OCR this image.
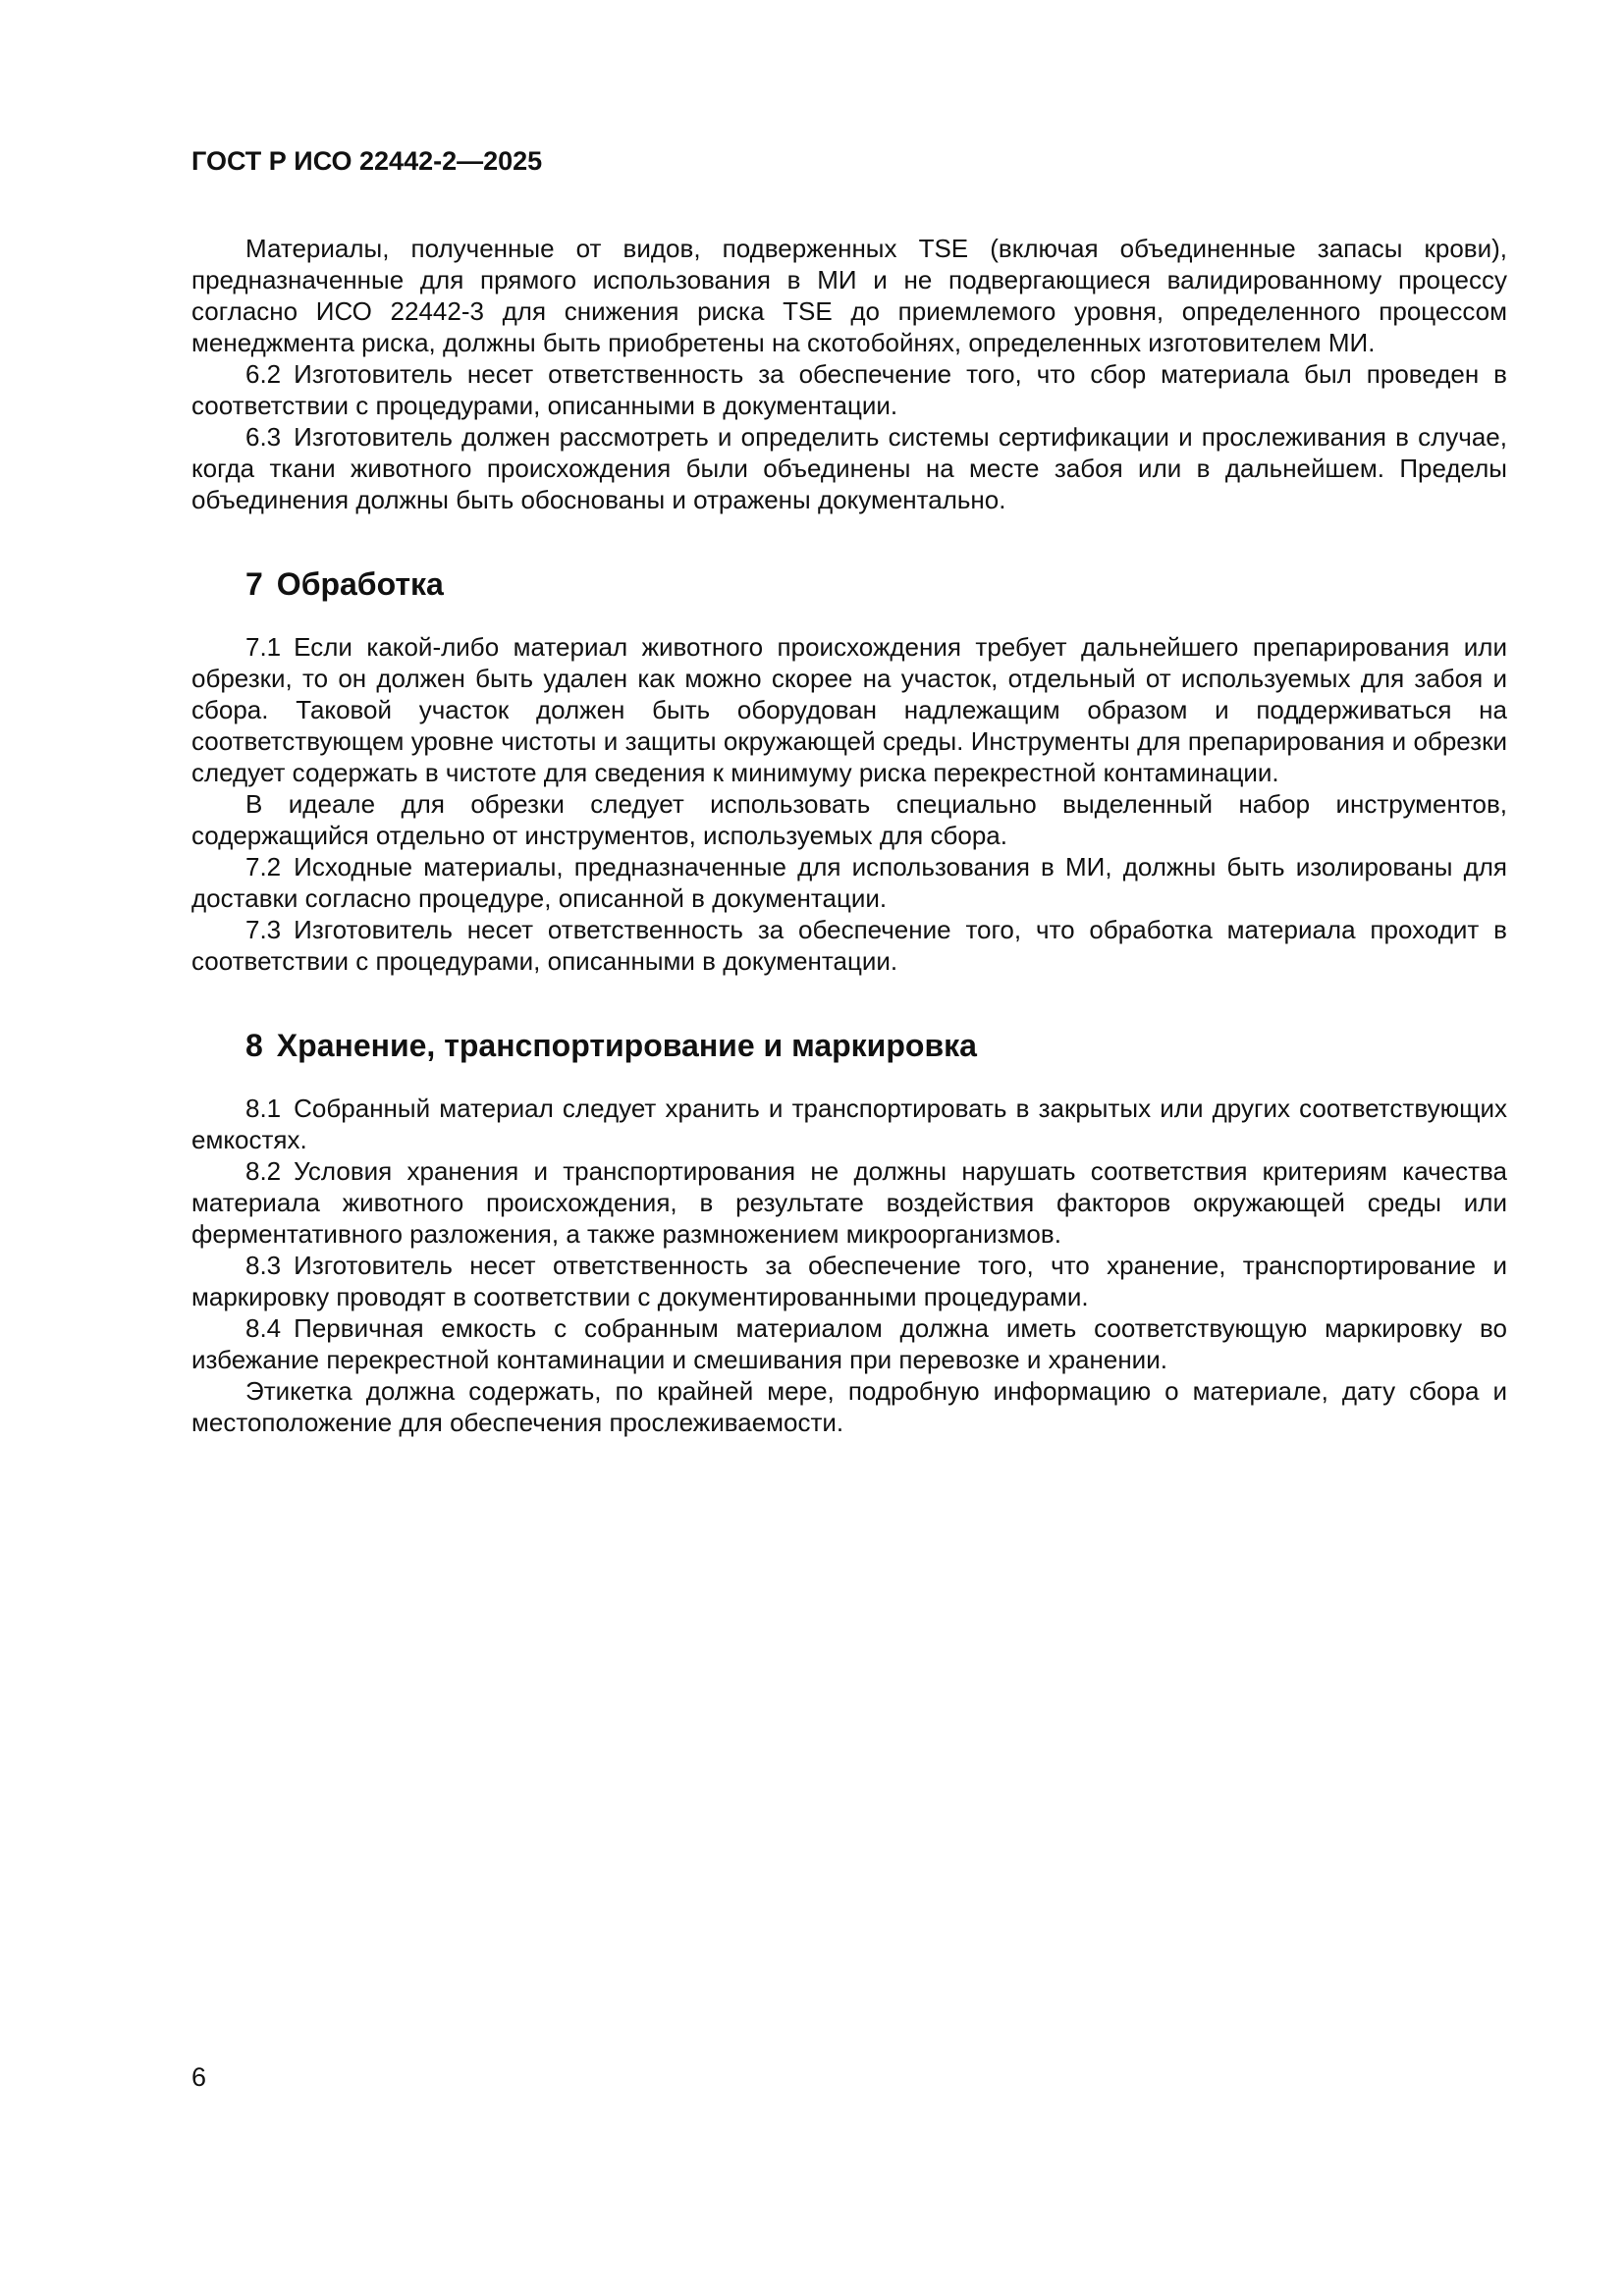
ГОСТ Р ИСО 22442-2—2025

Материалы, полученные от видов, подверженных TSE (включая объединенные запасы крови), предназначенные для прямого использования в МИ и не подвергающиеся валидированному процессу согласно ИСО 22442-3 для снижения риска TSE до приемлемого уровня, определенного процессом менеджмента риска, должны быть приобретены на скотобойнях, определенных изготовителем МИ.

6.2 Изготовитель несет ответственность за обеспечение того, что сбор материала был проведен в соответствии с процедурами, описанными в документации.

6.3 Изготовитель должен рассмотреть и определить системы сертификации и прослеживания в случае, когда ткани животного происхождения были объединены на месте забоя или в дальнейшем. Пределы объединения должны быть обоснованы и отражены документально.

7 Обработка

7.1 Если какой-либо материал животного происхождения требует дальнейшего препарирования или обрезки, то он должен быть удален как можно скорее на участок, отдельный от используемых для забоя и сбора. Таковой участок должен быть оборудован надлежащим образом и поддерживаться на соответствующем уровне чистоты и защиты окружающей среды. Инструменты для препарирования и обрезки следует содержать в чистоте для сведения к минимуму риска перекрестной контаминации.

В идеале для обрезки следует использовать специально выделенный набор инструментов, содержащийся отдельно от инструментов, используемых для сбора.

7.2 Исходные материалы, предназначенные для использования в МИ, должны быть изолированы для доставки согласно процедуре, описанной в документации.

7.3 Изготовитель несет ответственность за обеспечение того, что обработка материала проходит в соответствии с процедурами, описанными в документации.

8 Хранение, транспортирование и маркировка

8.1 Собранный материал следует хранить и транспортировать в закрытых или других соответствующих емкостях.

8.2 Условия хранения и транспортирования не должны нарушать соответствия критериям качества материала животного происхождения, в результате воздействия факторов окружающей среды или ферментативного разложения, а также размножением микроорганизмов.

8.3 Изготовитель несет ответственность за обеспечение того, что хранение, транспортирование и маркировку проводят в соответствии с документированными процедурами.

8.4 Первичная емкость с собранным материалом должна иметь соответствующую маркировку во избежание перекрестной контаминации и смешивания при перевозке и хранении.

Этикетка должна содержать, по крайней мере, подробную информацию о материале, дату сбора и местоположение для обеспечения прослеживаемости.

6
